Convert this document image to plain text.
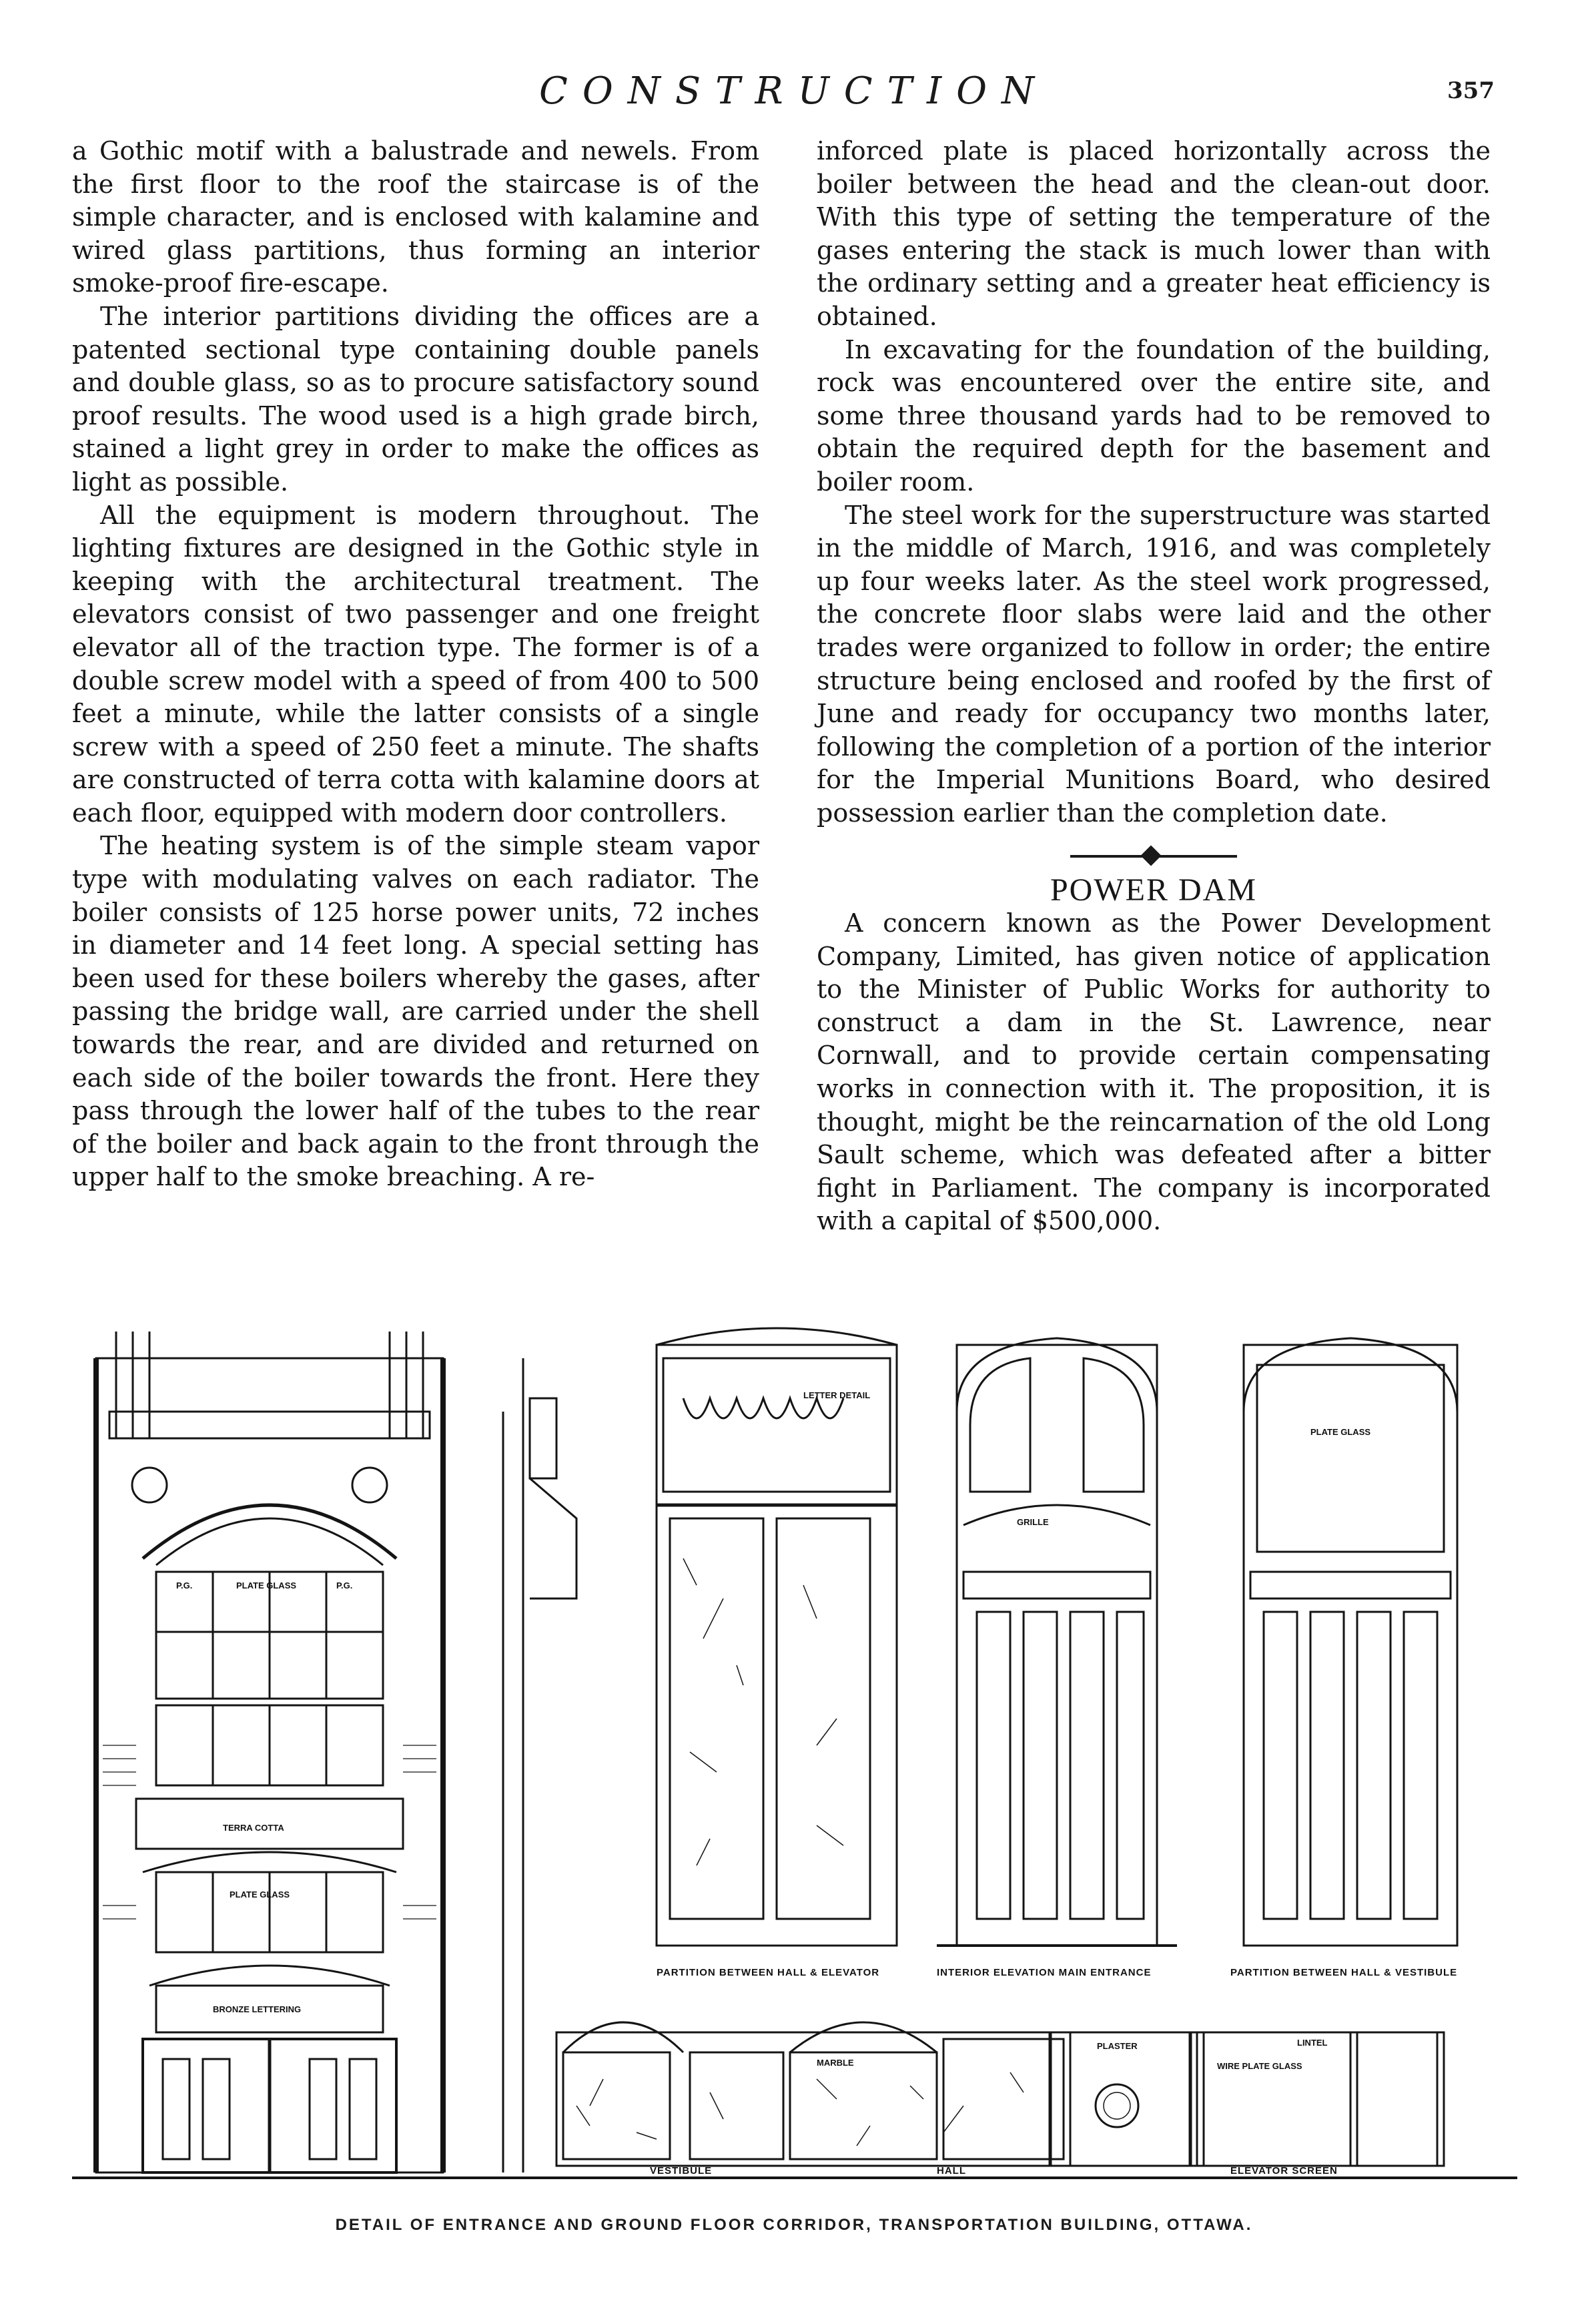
CONSTRUCTION	357

a Gothic motif with a balustrade and newels. From the first floor to the roof the staircase is of the simple character, and is enclosed with kalamine and wired glass partitions, thus forming an interior smoke-proof fire-escape.

The interior partitions dividing the offices are a patented sectional type containing double panels and double glass, so as to procure satisfactory sound proof results. The wood used is a high grade birch, stained a light grey in order to make the offices as light as possible.

All the equipment is modern throughout. The lighting fixtures are designed in the Gothic style in keeping with the architectural treatment. The elevators consist of two passenger and one freight elevator all of the traction type. The former is of a double screw model with a speed of from 400 to 500 feet a minute, while the latter consists of a single screw with a speed of 250 feet a minute. The shafts are constructed of terra cotta with kalamine doors at each floor, equipped with modern door controllers.

The heating system is of the simple steam vapor type with modulating valves on each radiator. The boiler consists of 125 horse power units, 72 inches in diameter and 14 feet long. A special setting has been used for these boilers whereby the gases, after passing the bridge wall, are carried under the shell towards the rear, and are divided and returned on each side of the boiler towards the front. Here they pass through the lower half of the tubes to the rear of the boiler and back again to the front through the upper half to the smoke breaching. A re-

inforced plate is placed horizontally across the boiler between the head and the clean-out door. With this type of setting the temperature of the gases entering the stack is much lower than with the ordinary setting and a greater heat efficiency is obtained.

In excavating for the foundation of the building, rock was encountered over the entire site, and some three thousand yards had to be removed to obtain the required depth for the basement and boiler room.

The steel work for the superstructure was started in the middle of March, 1916, and was completely up four weeks later. As the steel work progressed, the concrete floor slabs were laid and the other trades were organized to follow in order; the entire structure being enclosed and roofed by the first of June and ready for occupancy two months later, following the completion of a portion of the interior for the Imperial Munitions Board, who desired possession earlier than the completion date.

POWER DAM

A concern known as the Power Development Company, Limited, has given notice of application to the Minister of Public Works for authority to construct a dam in the St. Lawrence, near Cornwall, and to provide certain compensating works in connection with it. The proposition, it is thought, might be the reincarnation of the old Long Sault scheme, which was defeated after a bitter fight in Parliament. The company is incorporated with a capital of $500,000.

PLATE GLASS
P.G.	P.G.
TERRA COTTA
PLATE GLASS
BRONZE LETTERING
LETTER DETAIL
GRILLE
PLATE GLASS
PARTITION BETWEEN HALL & ELEVATOR	INTERIOR ELEVATION MAIN ENTRANCE	PARTITION BETWEEN HALL & VESTIBULE
MARBLE
PLASTER	LINTEL
WIRE PLATE GLASS
VESTIBULE	HALL	ELEVATOR SCREEN
DETAIL OF ENTRANCE AND GROUND FLOOR CORRIDOR, TRANSPORTATION BUILDING, OTTAWA.
